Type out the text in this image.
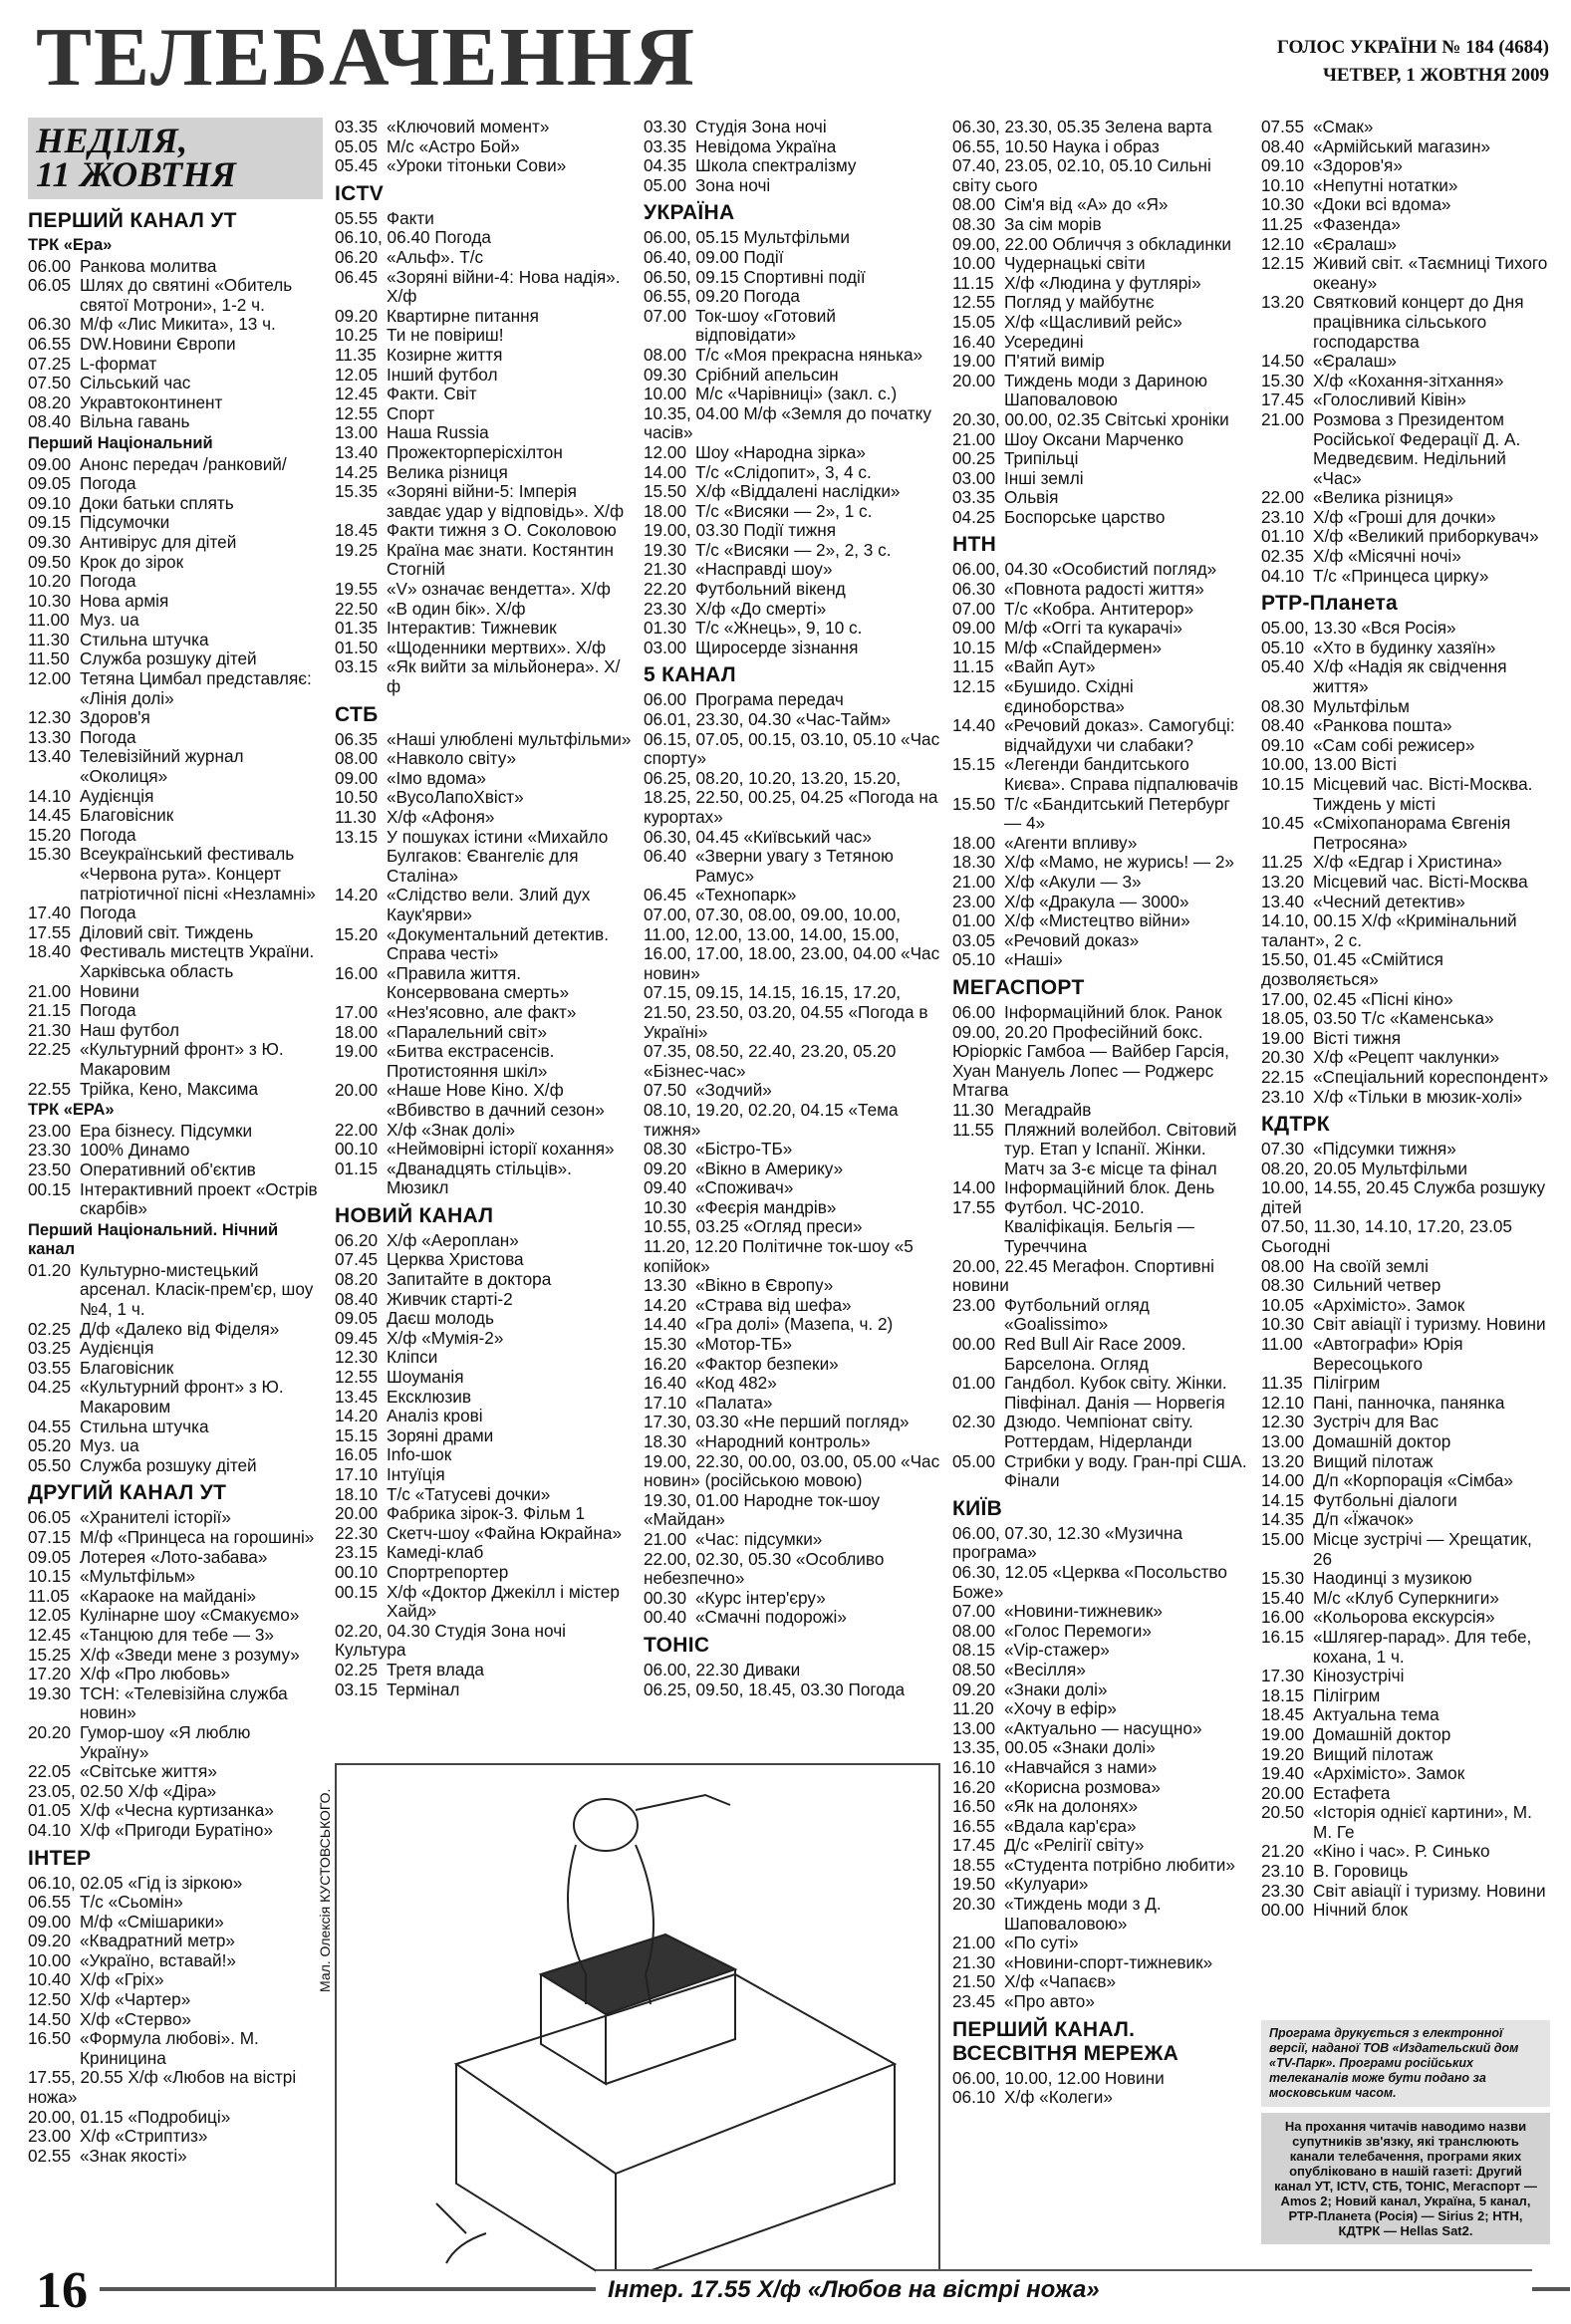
ТЕЛЕБАЧЕННЯ	ГОЛОС УКРАЇНИ № 184 (4684)
ЧЕТВЕР, 1 ЖОВТНЯ 2009
НЕДІЛЯ,
11 ЖОВТНЯ
ПЕРШИЙ КАНАЛ УТ
ТРК «Ера»
06.00 Ранкова молитва
06.05 Шлях до святині «Обитель святої Мотрони», 1-2 ч.
06.30 М/ф «Лис Микита», 13 ч.
06.55 DW.Новини Європи
07.25 L-формат
07.50 Сільський час
08.20 Укравтоконтинент
08.40 Вільна гавань
Перший Національний
09.00 Анонс передач /ранковий/
09.05 Погода
09.10 Доки батьки сплять
09.15 Підсумочки
09.30 Антивірус для дітей
09.50 Крок до зірок
10.20 Погода
10.30 Нова армія
11.00 Муз. ua
11.30 Стильна штучка
11.50 Служба розшуку дітей
12.00 Тетяна Цимбал представляє: «Лінія долі»
12.30 Здоров'я
13.30 Погода
13.40 Телевізійний журнал «Околиця»
14.10 Аудієнція
14.45 Благовісник
15.20 Погода
15.30 Всеукраїнський фестиваль «Червона рута». Концерт патріотичної пісні «Незламні»
17.40 Погода
17.55 Діловий світ. Тиждень
18.40 Фестиваль мистецтв України. Харківська область
21.00 Новини
21.15 Погода
21.30 Наш футбол
22.25 «Культурний фронт» з Ю. Макаровим
22.55 Трійка, Кено, Максима
ТРК «ЕРА»
23.00 Ера бізнесу. Підсумки
23.30 100% Динамо
23.50 Оперативний об'єктив
00.15 Інтерактивний проект «Острів скарбів»
Перший Національний. Нічний канал
01.20 Культурно-мистецький арсенал. Класік-прем'єр, шоу №4, 1 ч.
02.25 Д/ф «Далеко від Фіделя»
03.25 Аудієнція
03.55 Благовісник
04.25 «Культурний фронт» з Ю. Макаровим
04.55 Стильна штучка
05.20 Муз. ua
05.50 Служба розшуку дітей
ДРУГИЙ КАНАЛ УТ
06.05 «Хранителі історії»
07.15 М/ф «Принцеса на горошині»
09.05 Лотерея «Лото-забава»
10.15 «Мультфільм»
11.05 «Караоке на майдані»
12.05 Кулінарне шоу «Смакуємо»
12.45 «Танцюю для тебе — 3»
15.25 Х/ф «Зведи мене з розуму»
17.20 Х/ф «Про любовь»
19.30 ТСН: «Телевізійна служба новин»
20.20 Гумор-шоу «Я люблю Україну»
22.05 «Світське життя»
23.05, 02.50 Х/ф «Діра»
01.05 Х/ф «Чесна куртизанка»
04.10 Х/ф «Пригоди Буратіно»
ІНТЕР
06.10, 02.05 «Гід із зіркою»
06.55 Т/с «Сьомін»
09.00 М/ф «Смішарики»
09.20 «Квадратний метр»
10.00 «Україно, вставай!»
10.40 Х/ф «Гріх»
12.50 Х/ф «Чартер»
14.50 Х/ф «Стерво»
16.50 «Формула любові». М. Криницина
17.55, 20.55 Х/ф «Любов на вістрі ножа»
20.00, 01.15 «Подробиці»
23.00 Х/ф «Стриптиз»
02.55 «Знак якості»
03.35 «Ключовий момент»
05.05 М/с «Астро Бой»
05.45 «Уроки тітоньки Сови»
ICTV
05.55 Факти
06.10, 06.40 Погода
06.20 «Альф». Т/с
06.45 «Зоряні війни-4: Нова надія». Х/ф
09.20 Квартирне питання
10.25 Ти не повіриш!
11.35 Козирне життя
12.05 Інший футбол
12.45 Факти. Світ
12.55 Спорт
13.00 Наша Russia
13.40 Прожекторперісхілтон
14.25 Велика різниця
15.35 «Зоряні війни-5: Імперія завдає удар у відповідь». Х/ф
18.45 Факти тижня з О. Соколовою
19.25 Країна має знати. Костянтин Стогній
19.55 «V» означає вендетта». Х/ф
22.50 «В один бік». Х/ф
01.35 Інтерактив: Тижневик
01.50 «Щоденники мертвих». Х/ф
03.15 «Як вийти за мільйонера». Х/ф
СТБ
06.35 «Наші улюблені мультфільми»
08.00 «Навколо світу»
09.00 «Імо вдома»
10.50 «ВусоЛапоХвіст»
11.30 Х/ф «Афоня»
13.15 У пошуках істини «Михайло Булгаков: Євангеліє для Сталіна»
14.20 «Слідство вели. Злий дух Каук'ярви»
15.20 «Документальний детектив. Справа честі»
16.00 «Правила життя. Консервована смерть»
17.00 «Нез'ясовно, але факт»
18.00 «Паралельний світ»
19.00 «Битва екстрасенсів. Протистояння шкіл»
20.00 «Наше Нове Кіно. Х/ф «Вбивство в дачний сезон»
22.00 Х/ф «Знак долі»
00.10 «Неймовірні історії кохання»
01.15 «Дванадцять стільців». Мюзикл
НОВИЙ КАНАЛ
06.20 Х/ф «Аероплан»
07.45 Церква Христова
08.20 Запитайте в доктора
08.40 Живчик старті-2
09.05 Даєш молодь
09.45 Х/ф «Мумія-2»
12.30 Кліпси
12.55 Шоуманія
13.45 Ексклюзив
14.20 Аналіз крові
15.15 Зоряні драми
16.05 Info-шок
17.10 Інтуїція
18.10 Т/с «Татусеві дочки»
20.00 Фабрика зірок-3. Фільм 1
22.30 Скетч-шоу «Файна Юкрайна»
23.15 Камеді-клаб
00.10 Спортрепортер
00.15 Х/ф «Доктор Джекілл і містер Хайд»
02.20, 04.30 Студія Зона ночі Культура
02.25 Третя влада
03.15 Термінал
03.30 Студія Зона ночі
03.35 Невідома Україна
04.35 Школа спектралізму
05.00 Зона ночі
УКРАЇНА
06.00, 05.15 Мультфільми
06.40, 09.00 Події
06.50, 09.15 Спортивні події
06.55, 09.20 Погода
07.00 Ток-шоу «Готовий відповідати»
08.00 Т/с «Моя прекрасна нянька»
09.30 Срібний апельсин
10.00 М/с «Чарівниці» (закл. с.)
10.35, 04.00 М/ф «Земля до початку часів»
12.00 Шоу «Народна зірка»
14.00 Т/с «Слідопит», 3, 4 с.
15.50 Х/ф «Віддалені наслідки»
18.00 Т/с «Висяки — 2», 1 с.
19.00, 03.30 Події тижня
19.30 Т/с «Висяки — 2», 2, 3 с.
21.30 «Насправді шоу»
22.20 Футбольний вікенд
23.30 Х/ф «До смерті»
01.30 Т/с «Жнець», 9, 10 с.
03.00 Щиросерде зізнання
5 КАНАЛ
06.00 Програма передач
06.01, 23.30, 04.30 «Час-Тайм»
06.15, 07.05, 00.15, 03.10, 05.10 «Час спорту»
06.25, 08.20, 10.20, 13.20, 15.20, 18.25, 22.50, 00.25, 04.25 «Погода на курортах»
06.30, 04.45 «Київський час»
06.40 «Зверни увагу з Тетяною Рамус»
06.45 «Технопарк»
07.00, 07.30, 08.00, 09.00, 10.00, 11.00, 12.00, 13.00, 14.00, 15.00, 16.00, 17.00, 18.00, 23.00, 04.00 «Час новин»
07.15, 09.15, 14.15, 16.15, 17.20, 21.50, 23.50, 03.20, 04.55 «Погода в Україні»
07.35, 08.50, 22.40, 23.20, 05.20 «Бізнес-час»
07.50 «Зодчий»
08.10, 19.20, 02.20, 04.15 «Тема тижня»
08.30 «Бістро-ТБ»
09.20 «Вікно в Америку»
09.40 «Споживач»
10.30 «Феєрія мандрів»
10.55, 03.25 «Огляд преси»
11.20, 12.20 Політичне ток-шоу «5 копійок»
13.30 «Вікно в Європу»
14.20 «Страва від шефа»
14.40 «Гра долі» (Мазепа, ч. 2)
15.30 «Мотор-ТБ»
16.20 «Фактор безпеки»
16.40 «Код 482»
17.10 «Палата»
17.30, 03.30 «Не перший погляд»
18.30 «Народний контроль»
19.00, 22.30, 00.00, 03.00, 05.00 «Час новин» (російською мовою)
19.30, 01.00 Народне ток-шоу «Майдан»
21.00 «Час: підсумки»
22.00, 02.30, 05.30 «Особливо небезпечно»
00.30 «Курс інтер'єру»
00.40 «Смачні подорожі»
ТОНІС
06.00, 22.30 Диваки
06.25, 09.50, 18.45, 03.30 Погода
06.30, 23.30, 05.35 Зелена варта
06.55, 10.50 Наука і образ
07.40, 23.05, 02.10, 05.10 Сильні світу сього
08.00 Сім'я від «А» до «Я»
08.30 За сім морів
09.00, 22.00 Обличчя з обкладинки
10.00 Чудернацькі світи
11.15 Х/ф «Людина у футлярі»
12.55 Погляд у майбутнє
15.05 Х/ф «Щасливий рейс»
16.40 Усередині
19.00 П'ятий вимір
20.00 Тиждень моди з Дариною Шаповаловою
20.30, 00.00, 02.35 Світські хроніки
21.00 Шоу Оксани Марченко
00.25 Трипільці
03.00 Інші землі
03.35 Ольвія
04.25 Боспорське царство
НТН
06.00, 04.30 «Особистий погляд»
06.30 «Повнота радості життя»
07.00 Т/с «Кобра. Антитерор»
09.00 М/ф «Оггі та кукарачі»
10.15 М/ф «Спайдермен»
11.15 «Вайп Аут»
12.15 «Бушидо. Східні єдиноборства»
14.40 «Речовий доказ». Самогубці: відчайдухи чи слабаки?
15.15 «Легенди бандитського Києва». Справа підпалювачів
15.50 Т/с «Бандитський Петербург — 4»
18.00 «Агенти впливу»
18.30 Х/ф «Мамо, не журись! — 2»
21.00 Х/ф «Акули — 3»
23.00 Х/ф «Дракула — 3000»
01.00 Х/ф «Мистецтво війни»
03.05 «Речовий доказ»
05.10 «Наші»
МЕГАСПОРТ
06.00 Інформаційний блок. Ранок
09.00, 20.20 Професійний бокс. Юріоркіс Гамбоа — Вайбер Гарсія, Хуан Мануель Лопес — Роджерс Мтагва
11.30 Мегадрайв
11.55 Пляжний волейбол. Світовий тур. Етап у Іспанії. Жінки. Матч за 3-є місце та фінал
14.00 Інформаційний блок. День
17.55 Футбол. ЧС-2010. Кваліфікація. Бельгія — Туреччина
20.00, 22.45 Мегафон. Спортивні новини
23.00 Футбольний огляд «Goalissimo»
00.00 Red Bull Air Race 2009. Барселона. Огляд
01.00 Гандбол. Кубок світу. Жінки. Півфінал. Данія — Норвегія
02.30 Дзюдо. Чемпіонат світу. Роттердам, Нідерланди
05.00 Стрибки у воду. Гран-прі США. Фінали
КИЇВ
06.00, 07.30, 12.30 «Музична програма»
06.30, 12.05 «Церква «Посольство Боже»
07.00 «Новини-тижневик»
08.00 «Голос Перемоги»
08.15 «Vip-стажер»
08.50 «Весілля»
09.20 «Знаки долі»
11.20 «Хочу в ефір»
13.00 «Актуально — насущно»
13.35, 00.05 «Знаки долі»
16.10 «Навчайся з нами»
16.20 «Корисна розмова»
16.50 «Як на долонях»
16.55 «Вдала кар'єра»
17.45 Д/с «Релігії світу»
18.55 «Студента потрібно любити»
19.50 «Кулуари»
20.30 «Тиждень моди з Д. Шаповаловою»
21.00 «По суті»
21.30 «Новини-спорт-тижневик»
21.50 Х/ф «Чапаєв»
23.45 «Про авто»
ПЕРШИЙ КАНАЛ. ВСЕСВІТНЯ МЕРЕЖА
06.00, 10.00, 12.00 Новини
06.10 Х/ф «Колеги»
07.55 «Смак»
08.40 «Армійський магазин»
09.10 «Здоров'я»
10.10 «Непутні нотатки»
10.30 «Доки всі вдома»
11.25 «Фазенда»
12.10 «Єралаш»
12.15 Живий світ. «Таємниці Тихого океану»
13.20 Святковий концерт до Дня працівника сільського господарства
14.50 «Єралаш»
15.30 Х/ф «Кохання-зітхання»
17.45 «Голосливий Ківін»
21.00 Розмова з Президентом Російської Федерації Д. А. Медведєвим. Недільний «Час»
22.00 «Велика різниця»
23.10 Х/ф «Гроші для дочки»
01.10 Х/ф «Великий приборкувач»
02.35 Х/ф «Місячні ночі»
04.10 Т/с «Принцеса цирку»
РТР-Планета
05.00, 13.30 «Вся Росія»
05.10 «Хто в будинку хазяїн»
05.40 Х/ф «Надія як свідчення життя»
08.30 Мультфільм
08.40 «Ранкова пошта»
09.10 «Сам собі режисер»
10.00, 13.00 Вісті
10.15 Місцевий час. Вісті-Москва. Тиждень у місті
10.45 «Сміхопанорама Євгенія Петросяна»
11.25 Х/ф «Едгар і Христина»
13.20 Місцевий час. Вісті-Москва
13.40 «Чесний детектив»
14.10, 00.15 Х/ф «Кримінальний талант», 2 с.
15.50, 01.45 «Смійтися дозволяється»
17.00, 02.45 «Пісні кіно»
18.05, 03.50 Т/с «Каменська»
19.00 Вісті тижня
20.30 Х/ф «Рецепт чаклунки»
22.15 «Спеціальний кореспондент»
23.10 Х/ф «Тільки в мюзик-холі»
КДТРК
07.30 «Підсумки тижня»
08.20, 20.05 Мультфільми
10.00, 14.55, 20.45 Служба розшуку дітей
07.50, 11.30, 14.10, 17.20, 23.05 Сьогодні
08.00 На своїй землі
08.30 Сильний четвер
10.05 «Архімісто». Замок
10.30 Світ авіації і туризму. Новини
11.00 «Автографи» Юрія Вересоцького
11.35 Пілігрим
12.10 Пані, панночка, панянка
12.30 Зустріч для Вас
13.00 Домашній доктор
13.20 Вищий пілотаж
14.00 Д/п «Корпорація «Сімба»
14.15 Футбольні діалоги
14.35 Д/п «Їжачок»
15.00 Місце зустрічі — Хрещатик, 26
15.30 Наодинці з музикою
15.40 М/с «Клуб Суперкниги»
16.00 «Кольорова екскурсія»
16.15 «Шлягер-парад». Для тебе, кохана, 1 ч.
17.30 Кінозустрічі
18.15 Пілігрим
18.45 Актуальна тема
19.00 Домашній доктор
19.20 Вищий пілотаж
19.40 «Архімісто». Замок
20.00 Естафета
20.50 «Історія однієї картини», М. М. Ге
21.20 «Кіно і час». Р. Синько
23.10 В. Горовиць
23.30 Світ авіації і туризму. Новини
00.00 Нічний блок
Мал. Олексія КУСТОВСЬКОГО.
Програма друкується з електронної версії, наданої ТОВ «Издательский дом «TV-Парк». Програми російських телеканалів може бути подано за московським часом.
На прохання читачів наводимо назви супутників зв'язку, які транслюють канали телебачення, програми яких опубліковано в нашій газеті: Другий канал УТ, ICTV, СТБ, ТОНІС, Мегаспорт — Amos 2; Новий канал, Україна, 5 канал, РТР-Планета (Росія) — Sirius 2; НТН, КДТРК — Hellas Sat2.
16	Інтер. 17.55 Х/ф «Любов на вістрі ножа»
